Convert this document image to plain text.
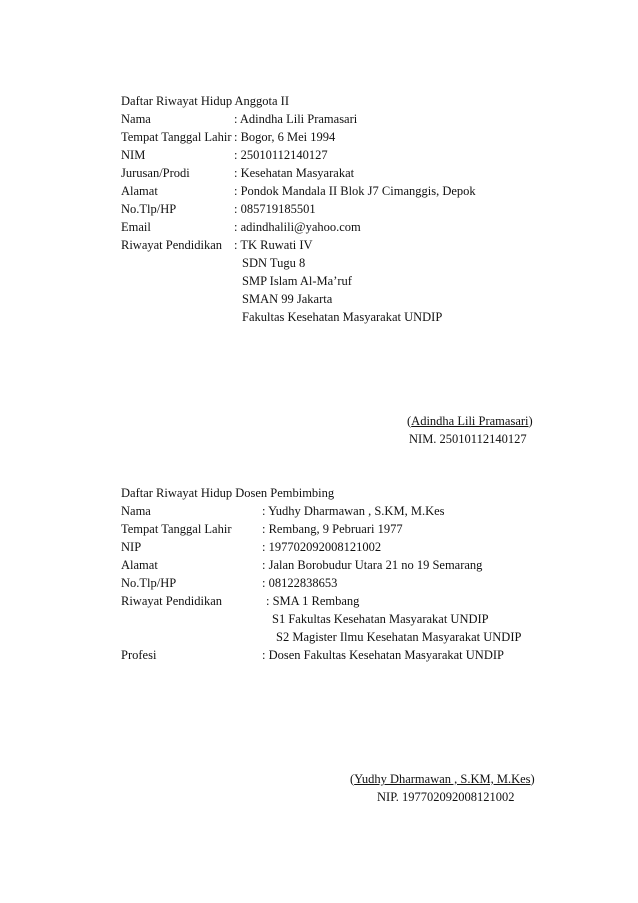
Daftar Riwayat Hidup Anggota II
Nama	: Adindha Lili Pramasari
Tempat Tanggal Lahir : Bogor, 6 Mei 1994
NIM	: 25010112140127
Jurusan/Prodi	: Kesehatan Masyarakat
Alamat	: Pondok Mandala II Blok J7 Cimanggis, Depok
No.Tlp/HP	: 085719185501
Email	: adindhalili@yahoo.com
Riwayat Pendidikan : TK Ruwati IV
SDN Tugu 8
SMP Islam Al-Ma’ruf
SMAN 99 Jakarta
Fakultas Kesehatan Masyarakat UNDIP
(Adindha Lili Pramasari)
NIM. 25010112140127
Daftar Riwayat Hidup Dosen Pembimbing
Nama	: Yudhy Dharmawan , S.KM, M.Kes
Tempat Tanggal Lahir : Rembang, 9 Pebruari 1977
NIP	: 197702092008121002
Alamat	: Jalan Borobudur Utara 21 no 19 Semarang
No.Tlp/HP	: 08122838653
Riwayat Pendidikan	: SMA 1 Rembang
S1 Fakultas Kesehatan Masyarakat UNDIP
S2 Magister Ilmu Kesehatan Masyarakat UNDIP
Profesi	: Dosen Fakultas Kesehatan Masyarakat UNDIP
(Yudhy Dharmawan , S.KM, M.Kes)
NIP. 197702092008121002
